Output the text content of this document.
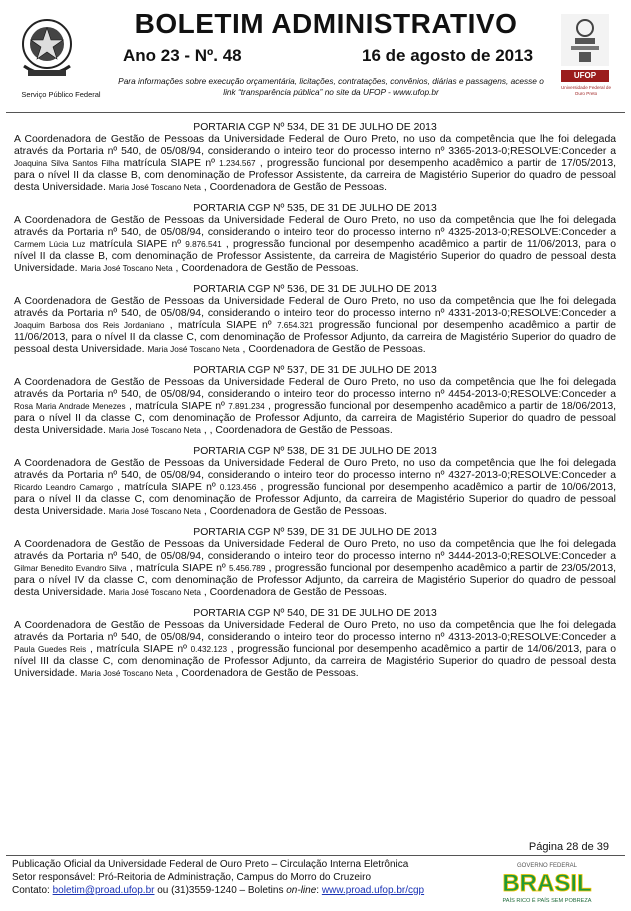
Serviço Público Federal
BOLETIM ADMINISTRATIVO
Ano 23 - Nº. 48	16 de agosto de 2013
Para informações sobre execução orçamentária, licitações, contratações, convênios, diárias e passagens, acesse o link “transparência pública” no site da UFOP - www.ufop.br
UFOP
Universidade Federal de Ouro Preto
PORTARIA CGP Nº 534, DE 31 DE JULHO DE 2013
A Coordenadora de Gestão de Pessoas da Universidade Federal de Ouro Preto, no uso da competência que lhe foi delegada através da Portaria nº 540, de 05/08/94, considerando o inteiro teor do processo interno nº 3365-2013-0;RESOLVE:Conceder a Joaquina Silva Santos Filha matrícula SIAPE nº 1.234.567 , progressão funcional por desempenho acadêmico a partir de 17/05/2013, para o nível II da classe B, com denominação de Professor Assistente, da carreira de Magistério Superior do quadro de pessoal desta Universidade. Maria José Toscano Neta , Coordenadora de Gestão de Pessoas.
PORTARIA CGP Nº 535, DE 31 DE JULHO DE 2013
A Coordenadora de Gestão de Pessoas da Universidade Federal de Ouro Preto, no uso da competência que lhe foi delegada através da Portaria nº 540, de 05/08/94, considerando o inteiro teor do processo interno nº 4325-2013-0;RESOLVE:Conceder a Carmem Lúcia Luz matrícula SIAPE nº 9.876.541 , progressão funcional por desempenho acadêmico a partir de 11/06/2013, para o nível II da classe B, com denominação de Professor Assistente, da carreira de Magistério Superior do quadro de pessoal desta Universidade. Maria José Toscano Neta , Coordenadora de Gestão de Pessoas.
PORTARIA CGP Nº 536, DE 31 DE JULHO DE 2013
A Coordenadora de Gestão de Pessoas da Universidade Federal de Ouro Preto, no uso da competência que lhe foi delegada através da Portaria nº 540, de 05/08/94, considerando o inteiro teor do processo interno nº 4331-2013-0;RESOLVE:Conceder a Joaquim Barbosa dos Reis Jordaniano , matrícula SIAPE nº 7.654.321 progressão funcional por desempenho acadêmico a partir de 11/06/2013, para o nível II da classe C, com denominação de Professor Adjunto, da carreira de Magistério Superior do quadro de pessoal desta Universidade. Maria José Toscano Neta , Coordenadora de Gestão de Pessoas.
PORTARIA CGP Nº 537, DE 31 DE JULHO DE 2013
A Coordenadora de Gestão de Pessoas da Universidade Federal de Ouro Preto, no uso da competência que lhe foi delegada através da Portaria nº 540, de 05/08/94, considerando o inteiro teor do processo interno nº 4454-2013-0;RESOLVE:Conceder a Rosa Maria Andrade Menezes , matrícula SIAPE nº 7.891.234 , progressão funcional por desempenho acadêmico a partir de 18/06/2013, para o nível II da classe C, com denominação de Professor Adjunto, da carreira de Magistério Superior do quadro de pessoal desta Universidade. Maria José Toscano Neta , , Coordenadora de Gestão de Pessoas.
PORTARIA CGP Nº 538, DE 31 DE JULHO DE 2013
A Coordenadora de Gestão de Pessoas da Universidade Federal de Ouro Preto, no uso da competência que lhe foi delegada através da Portaria nº 540, de 05/08/94, considerando o inteiro teor do processo interno nº 4327-2013-0;RESOLVE:Conceder a Ricardo Leandro Camargo , matrícula SIAPE nº 0.123.456 , progressão funcional por desempenho acadêmico a partir de 10/06/2013, para o nível II da classe C, com denominação de Professor Adjunto, da carreira de Magistério Superior do quadro de pessoal desta Universidade. Maria José Toscano Neta , Coordenadora de Gestão de Pessoas.
PORTARIA CGP Nº 539, DE 31 DE JULHO DE 2013
A Coordenadora de Gestão de Pessoas da Universidade Federal de Ouro Preto, no uso da competência que lhe foi delegada através da Portaria nº 540, de 05/08/94, considerando o inteiro teor do processo interno nº 3444-2013-0;RESOLVE:Conceder a Gilmar Benedito Evandro Silva , matrícula SIAPE nº 5.456.789 , progressão funcional por desempenho acadêmico a partir de 23/05/2013, para o nível IV da classe C, com denominação de Professor Adjunto, da carreira de Magistério Superior do quadro de pessoal desta Universidade. Maria José Toscano Neta , Coordenadora de Gestão de Pessoas.
PORTARIA CGP Nº 540, DE 31 DE JULHO DE 2013
A Coordenadora de Gestão de Pessoas da Universidade Federal de Ouro Preto, no uso da competência que lhe foi delegada através da Portaria nº 540, de 05/08/94, considerando o inteiro teor do processo interno nº 4313-2013-0;RESOLVE:Conceder a Paula Guedes Reis , matrícula SIAPE nº 0.432.123 , progressão funcional por desempenho acadêmico a partir de 14/06/2013, para o nível III da classe C, com denominação de Professor Adjunto, da carreira de Magistério Superior do quadro de pessoal desta Universidade. Maria José Toscano Neta , Coordenadora de Gestão de Pessoas.
Página 28 de 39
Publicação Oficial da Universidade Federal de Ouro Preto – Circulação Interna Eletrônica
Setor responsável: Pró-Reitoria de Administração, Campus do Morro do Cruzeiro
Contato: boletim@proad.ufop.br ou (31)3559-1240 – Boletins on-line: www.proad.ufop.br/cgp
GOVERNO FEDERAL
BRASIL
PAÍS RICO É PAÍS SEM POBREZA
